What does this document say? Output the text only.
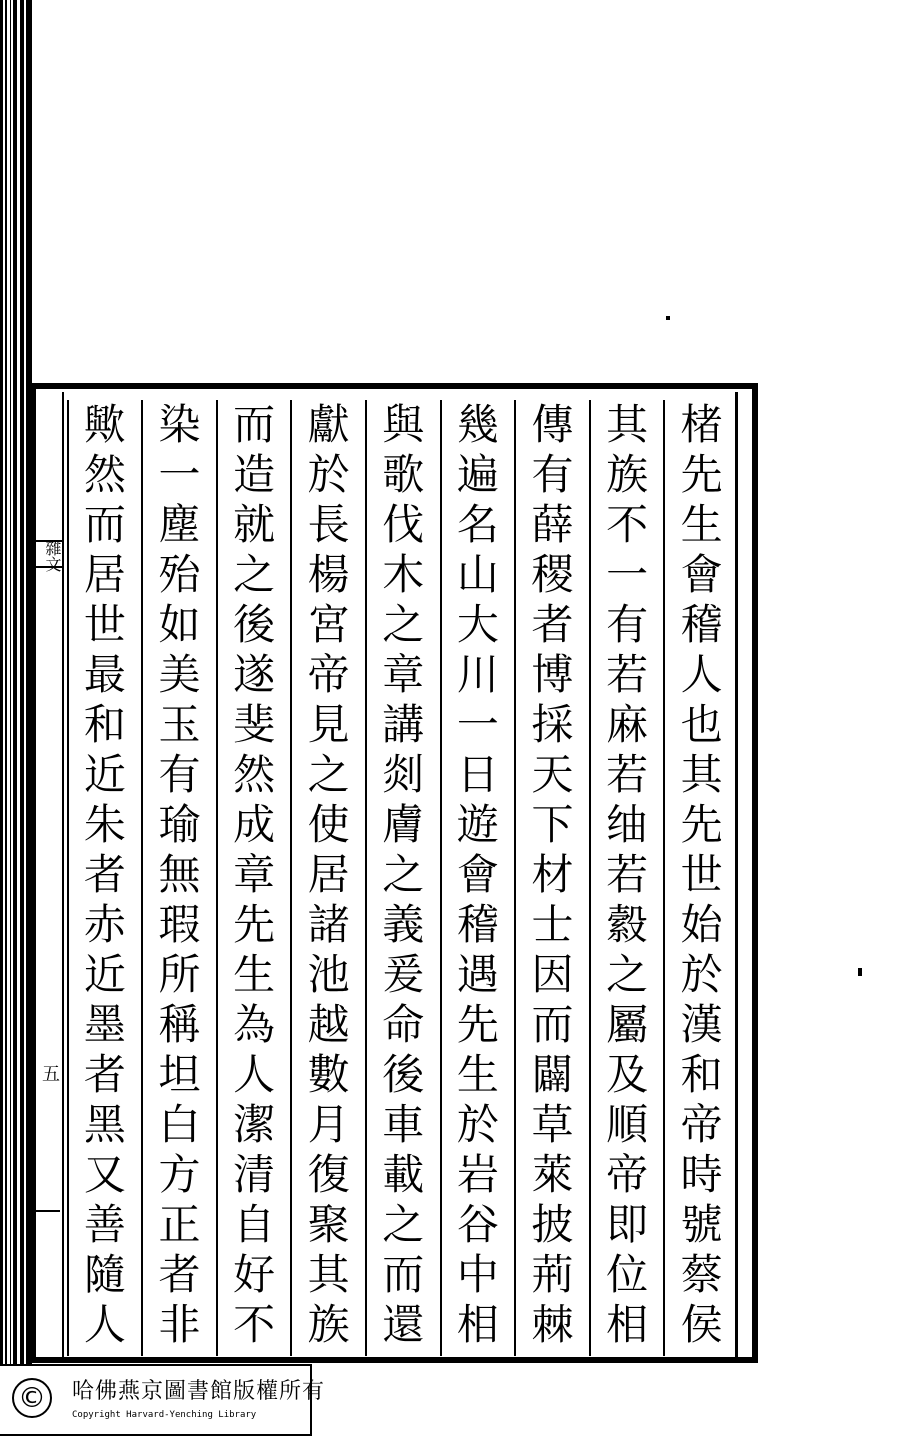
雜文
五
楮
先
生
會
稽
人
也
其
先
世
始
於
漢
和
帝
時
號
蔡
侯
其
族
不
一
有
若
麻
若
䌷
若
縠
之
屬
及
順
帝
即
位
相
傳
有
薛
稷
者
博
採
天
下
材
士
因
而
闢
草
萊
披
荊
棘
幾
遍
名
山
大
川
一
日
遊
會
稽
遇
先
生
於
岩
谷
中
相
與
歌
伐
木
之
章
講
剡
膚
之
義
爰
命
後
車
載
之
而
還
獻
於
長
楊
宮
帝
見
之
使
居
諸
池
越
數
月
復
聚
其
族
而
造
就
之
後
遂
斐
然
成
章
先
生
為
人
潔
清
自
好
不
染
一
塵
殆
如
美
玉
有
瑜
無
瑕
所
稱
坦
白
方
正
者
非
歟
然
而
居
世
最
和
近
朱
者
赤
近
墨
者
黑
又
善
隨
人
© 哈佛燕京圖書館版權所有
Copyright Harvard-Yenching Library
